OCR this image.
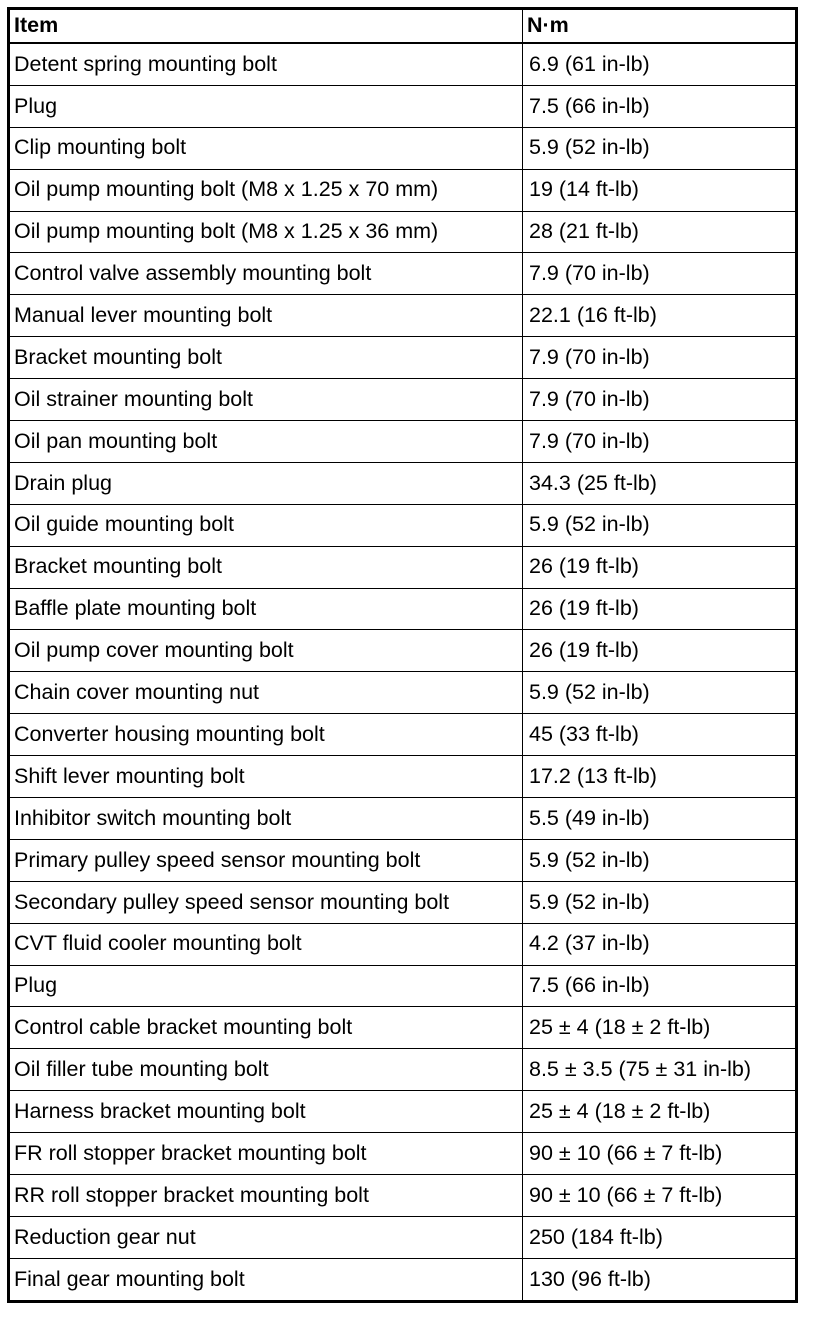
Item	N·m
Detent spring mounting bolt	6.9 (61 in-lb)
Plug	7.5 (66 in-lb)
Clip mounting bolt	5.9 (52 in-lb)
Oil pump mounting bolt (M8 x 1.25 x 70 mm)	19 (14 ft-lb)
Oil pump mounting bolt (M8 x 1.25 x 36 mm)	28 (21 ft-lb)
Control valve assembly mounting bolt	7.9 (70 in-lb)
Manual lever mounting bolt	22.1 (16 ft-lb)
Bracket mounting bolt	7.9 (70 in-lb)
Oil strainer mounting bolt	7.9 (70 in-lb)
Oil pan mounting bolt	7.9 (70 in-lb)
Drain plug	34.3 (25 ft-lb)
Oil guide mounting bolt	5.9 (52 in-lb)
Bracket mounting bolt	26 (19 ft-lb)
Baffle plate mounting bolt	26 (19 ft-lb)
Oil pump cover mounting bolt	26 (19 ft-lb)
Chain cover mounting nut	5.9 (52 in-lb)
Converter housing mounting bolt	45 (33 ft-lb)
Shift lever mounting bolt	17.2 (13 ft-lb)
Inhibitor switch mounting bolt	5.5 (49 in-lb)
Primary pulley speed sensor mounting bolt	5.9 (52 in-lb)
Secondary pulley speed sensor mounting bolt	5.9 (52 in-lb)
CVT fluid cooler mounting bolt	4.2 (37 in-lb)
Plug	7.5 (66 in-lb)
Control cable bracket mounting bolt	25 ± 4 (18 ± 2 ft-lb)
Oil filler tube mounting bolt	8.5 ± 3.5 (75 ± 31 in-lb)
Harness bracket mounting bolt	25 ± 4 (18 ± 2 ft-lb)
FR roll stopper bracket mounting bolt	90 ± 10 (66 ± 7 ft-lb)
RR roll stopper bracket mounting bolt	90 ± 10 (66 ± 7 ft-lb)
Reduction gear nut	250 (184 ft-lb)
Final gear mounting bolt	130 (96 ft-lb)
